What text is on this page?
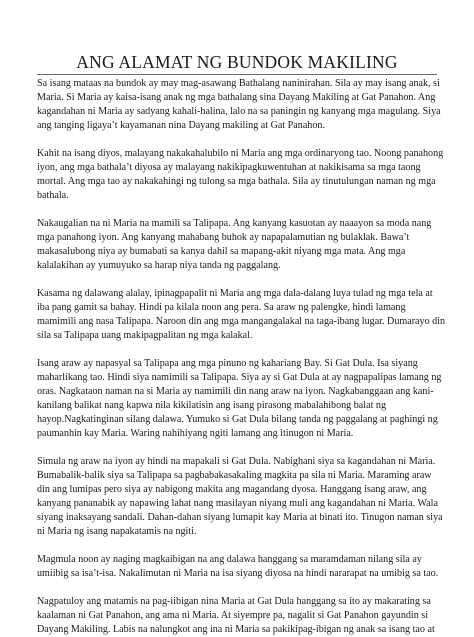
ANG ALAMAT NG BUNDOK MAKILING

Sa isang mataas na bundok ay may mag-asawang Bathalang naninirahan. Sila ay may isang anak, si
Maria. Si Maria ay kaisa-isang anak ng mga bathalang sina Dayang Makiling at Gat Panahon. Ang
kagandahan ni Maria ay sadyang kahali-halina, lalo na sa paningin ng kanyang mga magulang. Siya
ang tanging ligaya’t kayamanan nina Dayang makiling at Gat Panahon.

Kahit na isang diyos, malayang nakakahalubilo ni Maria ang mga ordinaryong tao. Noong panahong
iyon, ang mga bathala’t diyosa ay malayang nakikipagkuwentuhan at nakikisama sa mga taong
mortal. Ang mga tao ay nakakahingi ng tulong sa mga bathala. Sila ay tinutulungan naman ng mga
bathala.

Nakaugalian na ni Maria na mamili sa Talipapa. Ang kanyang kasuotan ay naaayon sa moda nang
mga panahong iyon. Ang kanyang mahabang buhok ay napapalamutian ng bulaklak. Bawa’t
makasalubong niya ay bumabati sa kanya dahil sa mapang-akit niyang mga mata. Ang mga
kalalakihan ay yumuyuko sa harap niya tanda ng paggalang.

Kasama ng dalawang alalay, ipinagpapalit ni Maria ang mga dala-dalang luya tulad ng mga tela at
iba pang gamit sa bahay. Hindi pa kilala noon ang pera. Sa araw ng palengke, hindi lamang
mamimili ang nasa Talipapa. Naroon din ang mga mangangalakal na taga-ibang lugar. Dumarayo din
sila sa Talipapa uang makipagpalitan ng mga kalakal.

Isang araw ay napasyal sa Talipapa ang mga pinuno ng kahariang Bay. Si Gat Dula. Isa siyang
maharlikang tao. Hindi siya namimili sa Talipapa. Siya ay si Gat Dula at ay nagpapalipas lamang ng
oras. Nagkataon naman na si Maria ay namimili din nang araw na iyon. Nagkabanggaan ang kani-
kanilang balikat nang kapwa nila kikilatisin ang isang pirasong mabalahibong balat ng
hayop.Nagkatinginan silang dalawa. Yumuko si Gat Dula bilang tanda ng paggalang at paghingi ng
paumanhin kay Maria. Waring nahihiyang ngiti lamang ang itinugon ni Maria.

Simula ng araw na iyon ay hindi na mapakali si Gat Dula. Nabighani siya sa kagandahan ni Maria.
Bumabalik-balik siya sa Talipapa sa pagbabakasakaling magkita pa sila ni Maria. Maraming araw
din ang lumipas pero siya ay nabigong makita ang magandang dyosa. Hanggang isang araw, ang
kanyang pananabik ay napawing lahat nang masilayan niyang muli ang kagandahan ni Maria. Wala
siyang inaksayang sandali. Dahan-dahan siyang lumapit kay Maria at binati ito. Tinugon naman siya
ni Maria ng isang napakatamis na ngiti.

Magmula noon ay naging magkaibigan na ang dalawa hanggang sa maramdaman nilang sila ay
umiibig sa isa’t-isa. Nakalimutan ni Maria na isa siyang diyosa na hindi nararapat na umibig sa tao.

Nagpatuloy ang matamis na pag-iibigan nina Maria at Gat Dula hanggang sa ito ay makarating sa
kaalaman ni Gat Panahon, ang ama ni Maria. At siyempre pa, nagalit si Gat Panahon gayundin si
Dayang Makiling. Labis na nalungkot ang ina ni Maria sa pakikipag-ibigan ng anak sa isang tao at
